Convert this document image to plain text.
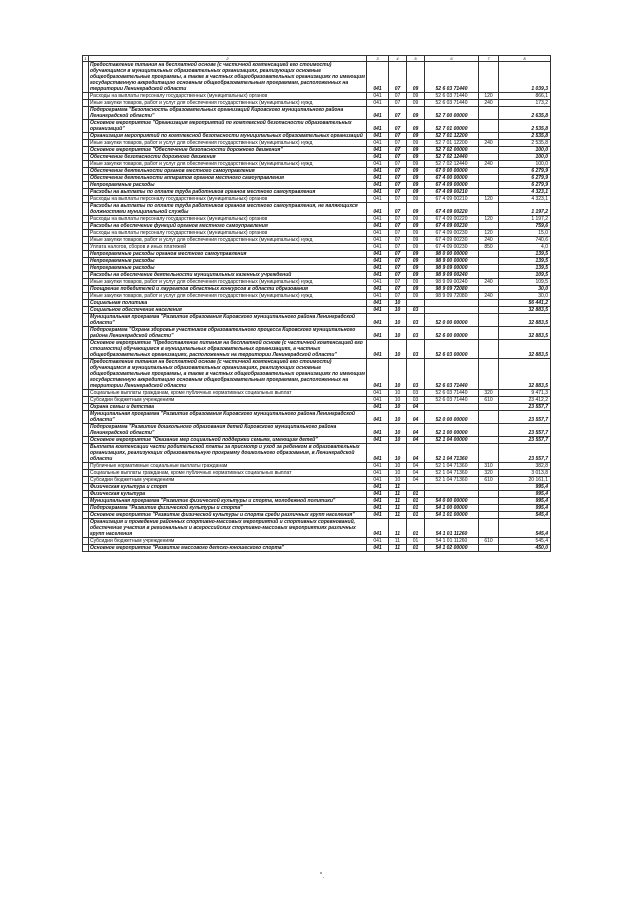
1	2	3	4	5	6	7	8
	Предоставление питания на бесплатной основе (с частичной компенсацией его стоимости) обучающимся в муниципальных образовательных организациях, реализующих основные общеобразовательные программы, а также в частных общеобразовательных организациях по имеющим государственную аккредитацию основным общеобразовательным программам, расположенных на территории Ленинградской области	041	07	09	52 6 03 71440		1 039,3
	Расходы на выплаты персоналу государственных (муниципальных) органов	041	07	09	52 6 03 71440	120	866,1
	Иные закупки товаров, работ и услуг для обеспечения государственных (муниципальных) нужд	041	07	09	52 6 03 71440	240	173,2
	Подпрограмма "Безопасность образовательных организаций Кировского муниципального района Ленинградской области"	041	07	09	52 7 00 00000		2 635,8
	Основное мероприятие "Организация мероприятий по комплексной безопасности образовательных организаций"	041	07	09	52 7 01 00000		2 535,8
	Организация мероприятий по комплексной безопасности муниципальных образовательных организаций	041	07	09	52 7 01 12200		2 535,8
	Иные закупки товаров, работ и услуг для обеспечения государственных (муниципальных) нужд	041	07	09	52 7 01 12200	240	2 535,8
	Основное мероприятие "Обеспечение безопасности дорожного движения"	041	07	09	52 7 02 00000		100,0
	Обеспечение безопасности дорожного движения	041	07	09	52 7 02 12440		100,0
	Иные закупки товаров, работ и услуг для обеспечения государственных (муниципальных) нужд	041	07	09	52 7 02 12440	240	100,0
	Обеспечение деятельности органов местного самоуправления	041	07	09	67 0 00 00000		6 279,9
	Обеспечение деятельности аппаратов органов местного самоуправления	041	07	09	67 4 00 00000		6 279,9
	Непрограммные расходы	041	07	09	67 4 09 00000		6 279,9
	Расходы на выплаты по оплате труда работников органов местного самоуправления	041	07	09	67 4 09 00210		4 323,1
	Расходы на выплаты персоналу государственных (муниципальных) органов	041	07	09	67 4 09 00210	120	4 323,1
	Расходы на выплаты по оплате труда работников органов местного самоуправления, не являющихся должностями муниципальной службы	041	07	09	67 4 09 00220		1 197,2
	Расходы на выплаты персоналу государственных (муниципальных) органов	041	07	09	67 4 09 00220	120	1 197,2
	Расходы на обеспечение функций органов местного самоуправления	041	07	09	67 4 09 00230		759,6
	Расходы на выплаты персоналу государственных (муниципальных) органов	041	07	09	67 4 09 00230	120	15,0
	Иные закупки товаров, работ и услуг для обеспечения государственных (муниципальных) нужд	041	07	09	67 4 09 00230	240	740,6
	Уплата налогов, сборов и иных платежей	041	07	09	67 4 09 00230	850	4,0
	Непрограммные расходы органов местного самоуправления	041	07	09	98 0 00 00000		139,5
	Непрограммные расходы	041	07	09	98 9 00 00000		139,5
	Непрограммные расходы	041	07	09	98 9 09 00000		139,5
	Расходы на обеспечение деятельности муниципальных казенных учреждений	041	07	09	98 9 09 00240		109,5
	Иные закупки товаров, работ и услуг для обеспечения государственных (муниципальных) нужд	041	07	09	98 9 09 00240	240	109,5
	Поощрение победителей и лауреатов областных конкурсов в области образования	041	07	09	98 9 09 72080		30,0
	Иные закупки товаров, работ и услуг для обеспечения государственных (муниципальных) нужд	041	07	09	98 9 09 72080	240	30,0
	Социальная политика	041	10				56 441,2
	Социальное обеспечение населения	041	10	03			32 883,5
	Муниципальная программа "Развитие образования Кировского муниципального района Ленинградской области"	041	10	03	52 0 00 00000		32 883,5
	Подпрограмма "Охрана здоровья участников образовательного процесса Кировского муниципального района Ленинградской области"	041	10	03	52 6 00 00000		32 883,5
	Основное мероприятие "Предоставление питания на бесплатной основе (с частичной компенсацией его стоимости) обучающимся в муниципальных образовательных организациях, а частных общеобразовательных организациях, расположенных на территории Ленинградской области"	041	10	03	52 6 03 00000		32 883,5
	Предоставление питания на бесплатной основе (с частичной компенсацией его стоимости) обучающимся в муниципальных образовательных организациях, реализующих основные общеобразовательные программы, а также в частных общеобразовательных организациях по имеющим государственную аккредитацию основным общеобразовательным программам, расположенных на территории Ленинградской области	041	10	03	52 6 03 71440		32 883,5
	Социальные выплаты гражданам, кроме публичных нормативных социальных выплат	041	10	03	52 6 03 71440	320	9 471,3
	Субсидии бюджетным учреждениям	041	10	03	52 6 03 71440	610	23 412,2
	Охрана семьи и детства	041	10	04			23 557,7
	Муниципальная программа "Развитие образования Кировского муниципального района Ленинградской области"	041	10	04	52 0 00 00000		23 557,7
	Подпрограмма "Развитие дошкольного образования детей Кировского муниципального района Ленинградской области"	041	10	04	52 1 00 00000		23 557,7
	Основное мероприятие "Оказание мер социальной поддержки семьям, имеющим детей"	041	10	04	52 1 04 00000		23 557,7
	Выплата компенсации части родительской платы за присмотр и уход за ребенком в образовательных организациях, реализующих образовательную программу дошкольного образования, в Ленинградской области	041	10	04	52 1 04 71360		23 557,7
	Публичные нормативные социальные выплаты гражданам	041	10	04	52 1 04 71360	310	382,8
	Социальные выплаты гражданам, кроме публичных нормативных социальных выплат	041	10	04	52 1 04 71360	320	3 013,8
	Субсидии бюджетным учреждениям	041	10	04	52 1 04 71360	610	20 161,1
	Физическая культура и спорт	041	11				995,4
	Физическая культура	041	11	01			995,4
	Муниципальная программа "Развитие физической культуры и спорта, молодежной политики"	041	11	01	54 0 00 00000		995,4
	Подпрограмма "Развитие физической культуры и спорта"	041	11	01	54 1 00 00000		995,4
	Основное мероприятие "Развитие физической культуры и спорта среди различных групп населения"	041	11	01	54 1 01 00000		545,4
	Организация и проведение районных спортивно-массовых мероприятий и спортивных соревнований, обеспечение участия в региональных и всероссийских спортивно-массовых мероприятиях различных групп населения	041	11	01	54 1 01 11260		545,4
	Субсидии бюджетным учреждениям	041	11	01	54 1 01 11260	610	545,4
	Основное мероприятие "Развитие массового детско-юношеского спорта"	041	11	01	54 1 02 00000		450,0
